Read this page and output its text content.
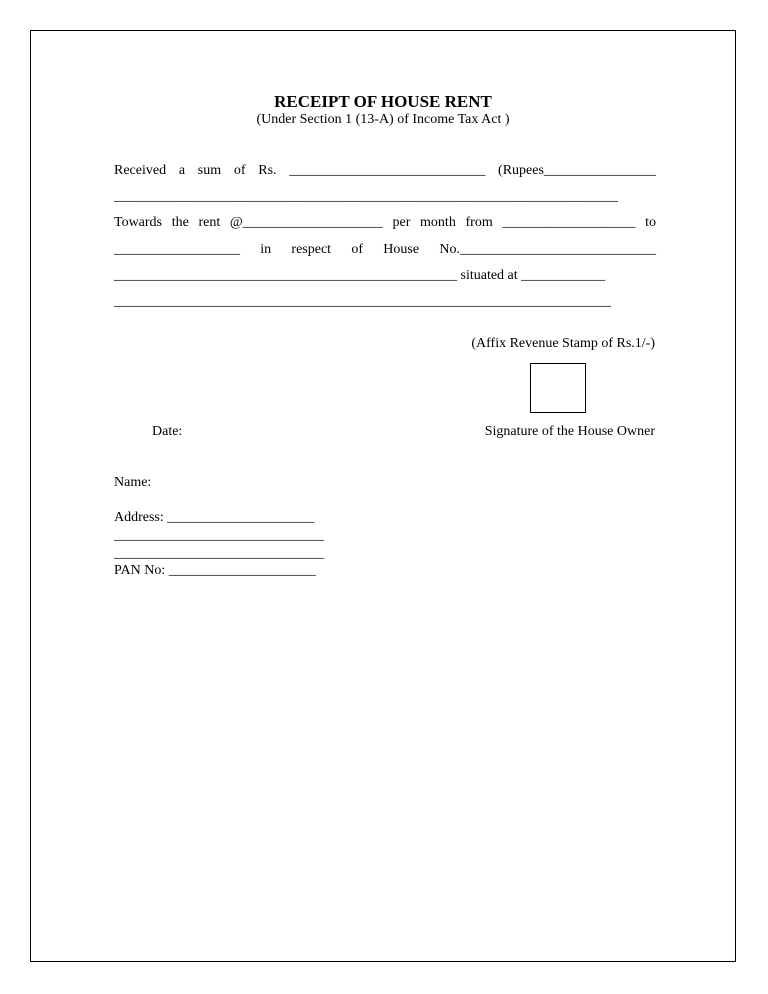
RECEIPT OF HOUSE RENT
(Under Section 1 (13-A) of Income Tax Act )
Received a sum of Rs. ____________________________ (Rupees________________
________________________________________________________________________
Towards the rent @____________________ per month from ___________________ to
__________________ in respect of House No.____________________________
_________________________________________________ situated at ____________
_______________________________________________________________________
(Affix Revenue Stamp of Rs.1/-)
Date:	Signature of the House Owner
Name:
Address: _____________________
______________________________
______________________________
PAN No: _____________________
